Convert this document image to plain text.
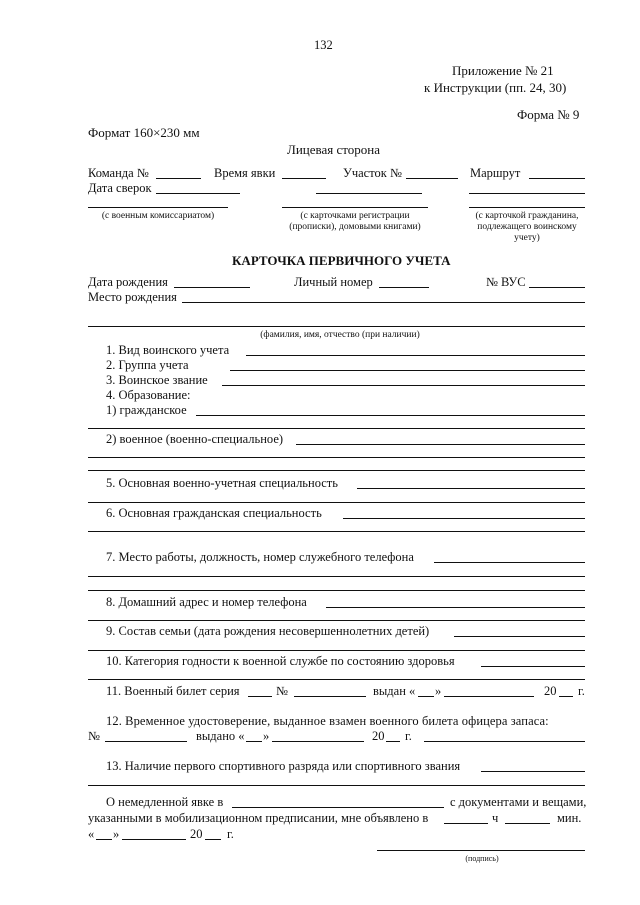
132
Приложение № 21
к Инструкции (пп. 24, 30)
Форма № 9
Формат 160×230 мм
Лицевая сторона
Команда №	Время явки	Участок №	Маршрут
Дата сверок
(с военным комиссариатом)	(с карточками регистрации
(прописки), домовыми книгами)
(с карточкой гражданина,
подлежащего воинскому
учету)
КАРТОЧКА ПЕРВИЧНОГО УЧЕТА
Дата рождения	Личный номер	№ ВУС
Место рождения
(фамилия, имя, отчество (при наличии)
1. Вид воинского учета
2. Группа учета
3. Воинское звание
4. Образование:
1) гражданское
2) военное (военно-специальное)
5. Основная военно-учетная специальность
6. Основная гражданская специальность
7. Место работы, должность, номер служебного телефона
8. Домашний адрес и номер телефона
9. Состав семьи (дата рождения несовершеннолетних детей)
10. Категория годности к военной службе по состоянию здоровья
11. Военный билет серия	№	выдан « »	20 г.
12. Временное удостоверение, выданное взамен военного билета офицера запаса:
№	выдано « »	20 г.
13. Наличие первого спортивного разряда или спортивного звания
О немедленной явке в	с документами и вещами,
указанными в мобилизационном предписании, мне объявлено в	ч	мин.
« »	20 г.
(подпись)
